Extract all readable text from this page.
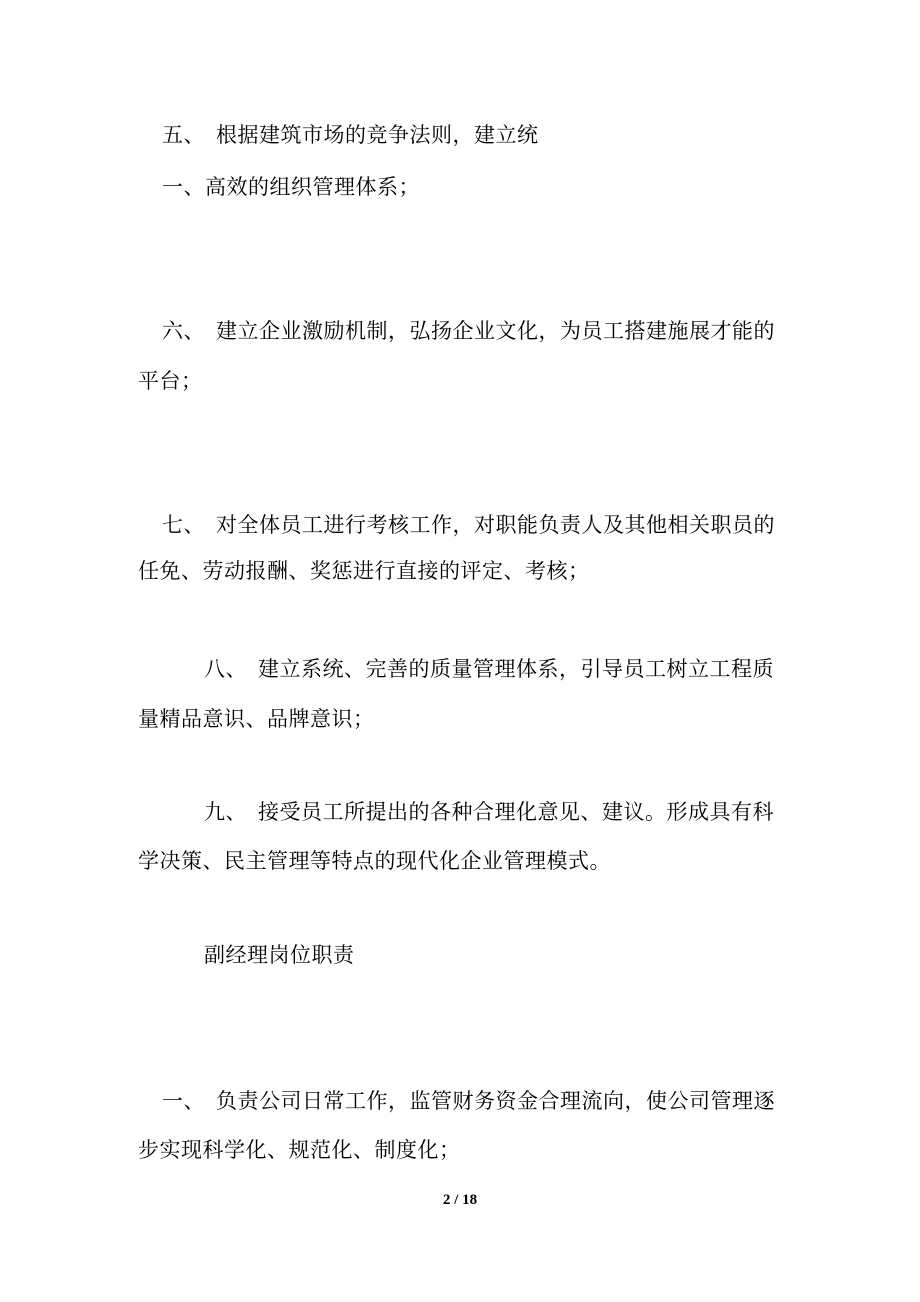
五、 根据建筑市场的竞争法则，建立统
一、高效的组织管理体系；
六、 建立企业激励机制，弘扬企业文化，为员工搭建施展才能的
平台；
七、 对全体员工进行考核工作，对职能负责人及其他相关职员的
任免、劳动报酬、奖惩进行直接的评定、考核；
八、 建立系统、完善的质量管理体系，引导员工树立工程质
量精品意识、品牌意识；
九、 接受员工所提出的各种合理化意见、建议。形成具有科
学决策、民主管理等特点的现代化企业管理模式。
副经理岗位职责
一、 负责公司日常工作，监管财务资金合理流向，使公司管理逐
步实现科学化、规范化、制度化；
2 / 18
